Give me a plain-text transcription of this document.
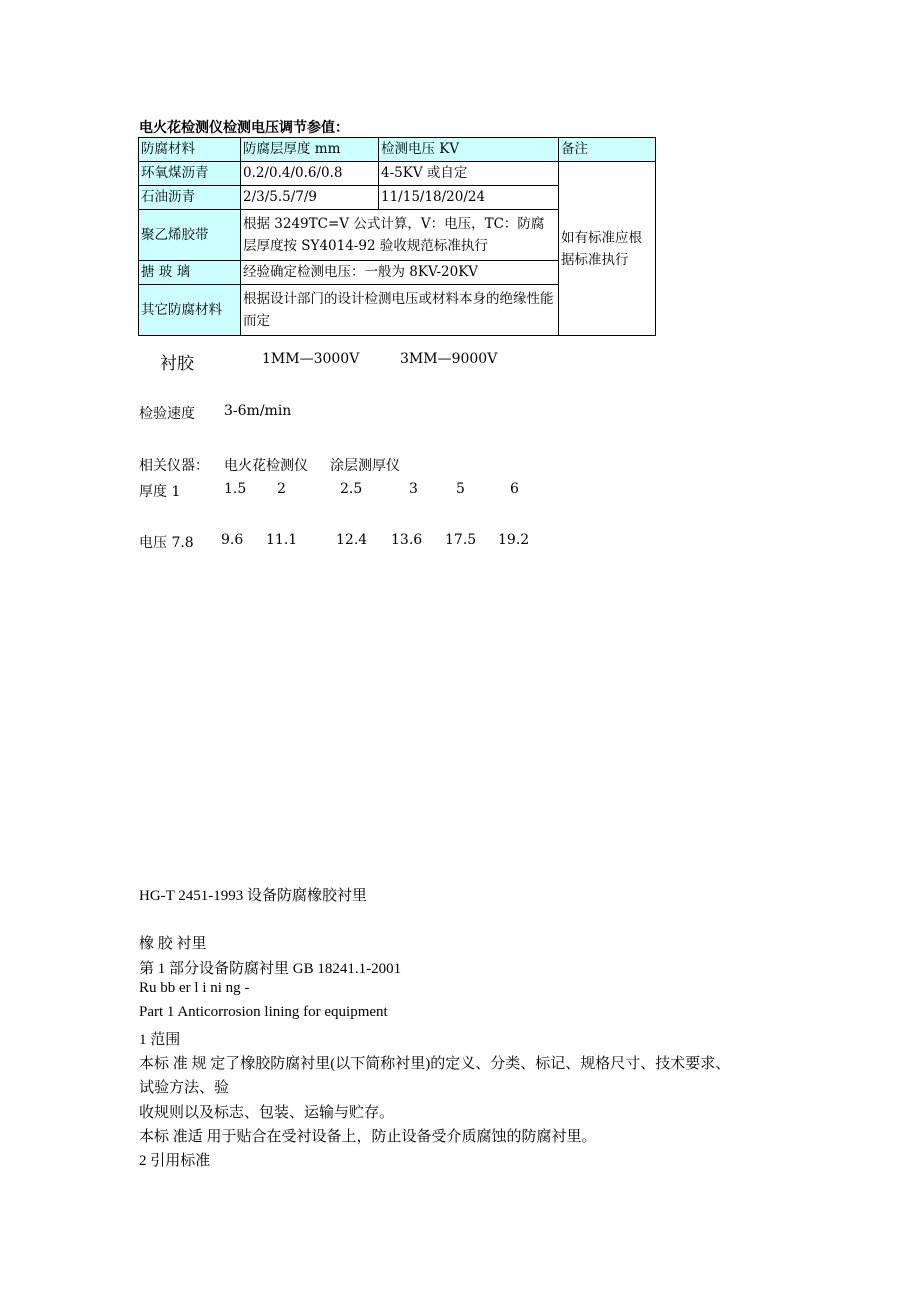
电火花检测仪检测电压调节参值：
防腐材料	防腐层厚度 mm	检测电压 KV	备注
环氧煤沥青	0.2/0.4/0.6/0.8	4-5KV 或自定	如有标准应根据标准执行
石油沥青	2/3/5.5/7/9	11/15/18/20/24	
聚乙烯胶带	根据 3249TC=V 公式计算，V：电压，TC：防腐层厚度按 SY4014-92 验收规范标准执行		
搪 玻 璃	经验确定检测电压：一般为 8KV-20KV		
其它防腐材料	根据设计部门的设计检测电压或材料本身的绝缘性能而定		
衬胶	1MM—3000V	3MM—9000V
检验速度 3-6m/min
相关仪器： 电火花检测仪 涂层测厚仪
厚度 1	1.5 2	2.5	3	5	6
电压 7.8 9.6 11.1	12.4 13.6 17.5 19.2
HG-T 2451-1993 设备防腐橡胶衬里
橡 胶 衬里
第 1 部分设备防腐衬里 GB 18241.1-2001
Ru bb er l i ni ng -
Part 1 Anticorrosion lining for equipment
1 范围
本标 准 规 定了橡胶防腐衬里(以下简称衬里)的定义、分类、标记、规格尺寸、技术要求、
试验方法、验
收规则以及标志、包装、运输与贮存。
本标 准适 用于贴合在受衬设备上，防止设备受介质腐蚀的防腐衬里。
2 引用标准
